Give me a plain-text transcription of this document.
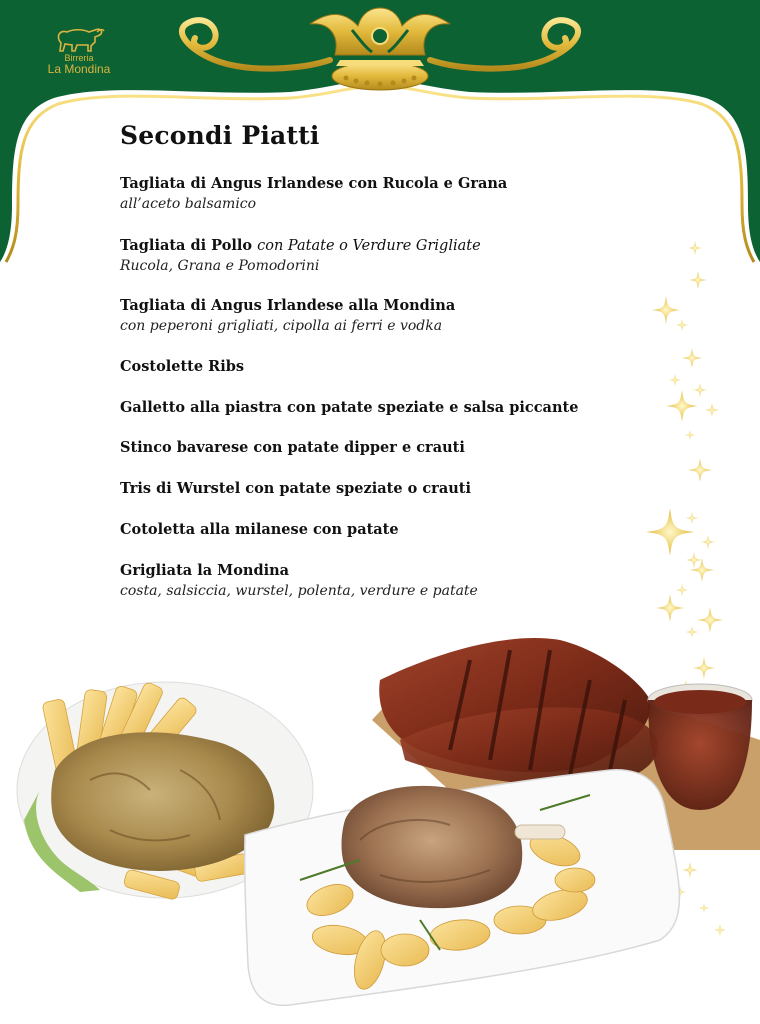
Birreria
La Mondina
Secondi Piatti
Tagliata di Angus Irlandese con Rucola e Grana
all’aceto balsamico
Tagliata di Pollo con Patate o Verdure Grigliate
Rucola, Grana e Pomodorini
Tagliata di Angus Irlandese alla Mondina
con peperoni grigliati, cipolla ai ferri e vodka
Costolette Ribs
Galletto alla piastra con patate speziate e salsa piccante
Stinco bavarese con patate dipper e crauti
Tris di Wurstel con patate speziate o crauti
Cotoletta alla milanese con patate
Grigliata la Mondina
costa, salsiccia, wurstel, polenta, verdure e patate
